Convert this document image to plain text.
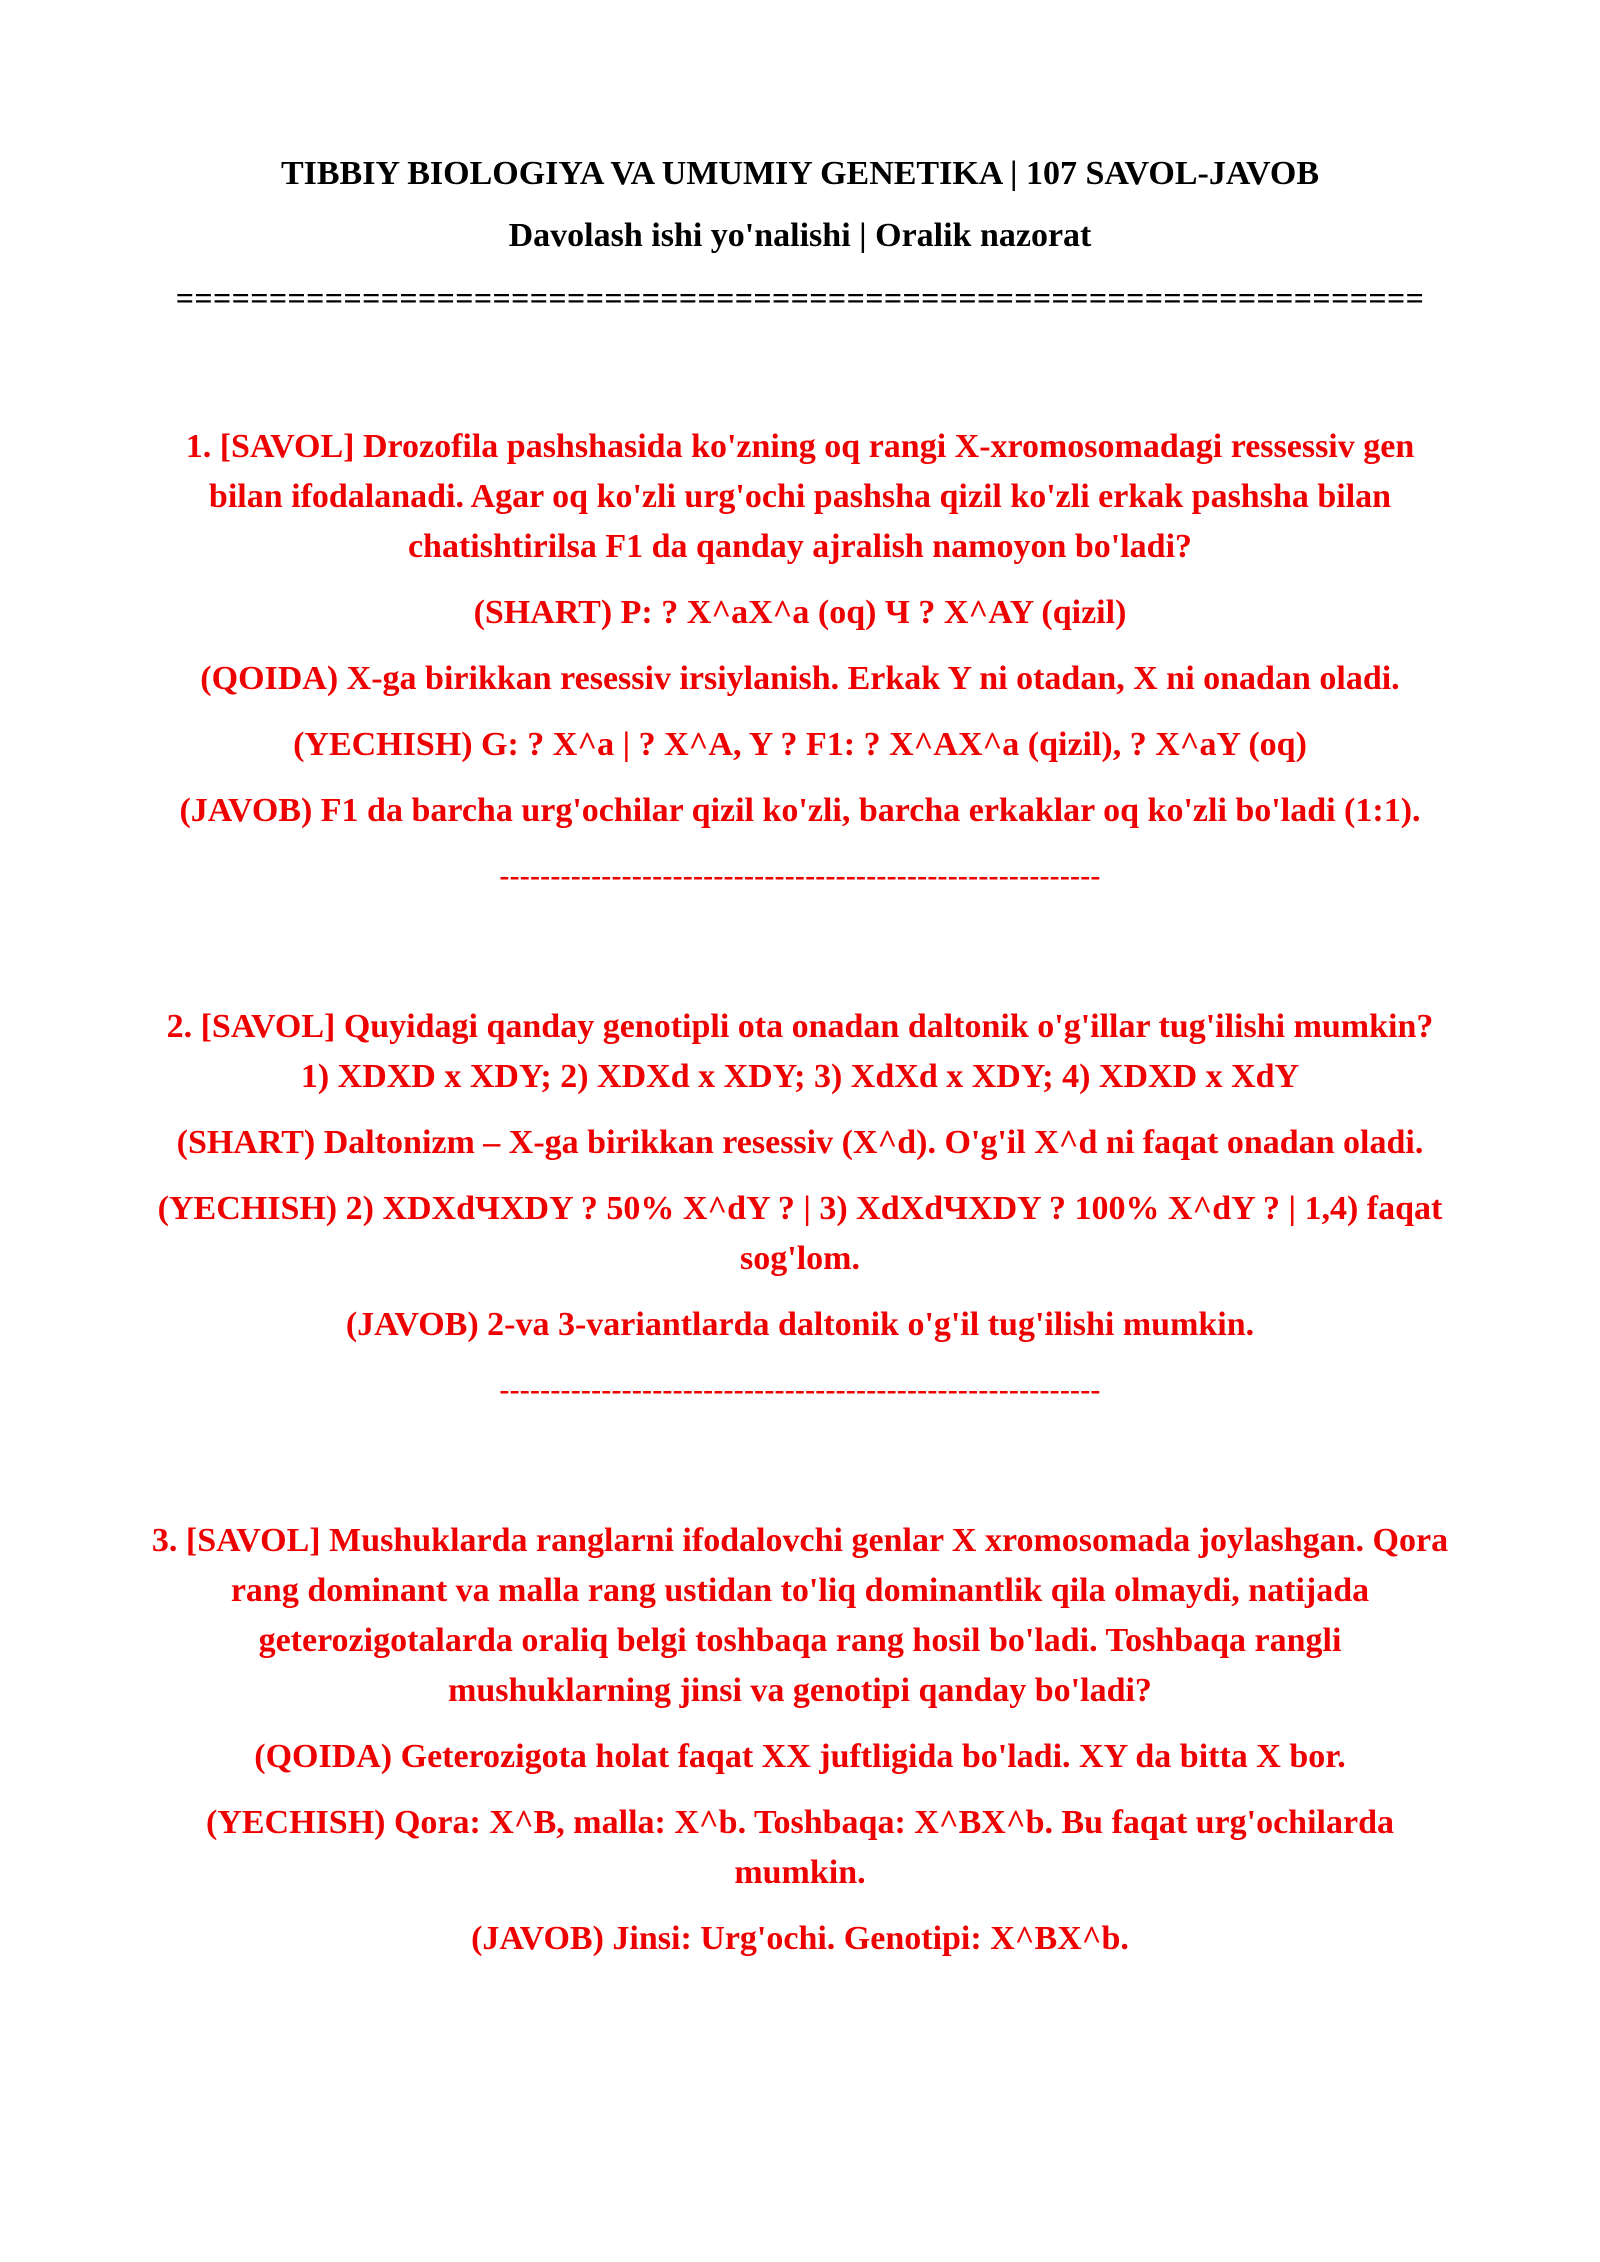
TIBBIY BIOLOGIYA VA UMUMIY GENETIKA | 107 SAVOL-JAVOB

Davolash ishi yo'nalishi | Oralik nazorat

===================================================================

1. [SAVOL] Drozofila pashshasida ko'zning oq rangi X-xromosomadagi ressessiv gen bilan ifodalanadi. Agar oq ko'zli urg'ochi pashsha qizil ko'zli erkak pashsha bilan chatishtirilsa F1 da qanday ajralish namoyon bo'ladi?

(SHART) P: ? X^aX^a (oq) Ч ? X^AY (qizil)

(QOIDA) X-ga birikkan resessiv irsiylanish. Erkak Y ni otadan, X ni onadan oladi.

(YECHISH) G: ? X^a | ? X^A, Y ? F1: ? X^AX^a (qizil), ? X^aY (oq)

(JAVOB) F1 da barcha urg'ochilar qizil ko'zli, barcha erkaklar oq ko'zli bo'ladi (1:1).

-----------------------------------------------------------

2. [SAVOL] Quyidagi qanday genotipli ota onadan daltonik o'g'illar tug'ilishi mumkin? 1) XDXD x XDY; 2) XDXd x XDY; 3) XdXd x XDY; 4) XDXD x XdY

(SHART) Daltonizm – X-ga birikkan resessiv (X^d). O'g'il X^d ni faqat onadan oladi.

(YECHISH) 2) XDXdЧXDY ? 50% X^dY ? | 3) XdXdЧXDY ? 100% X^dY ? | 1,4) faqat sog'lom.

(JAVOB) 2-va 3-variantlarda daltonik o'g'il tug'ilishi mumkin.

-----------------------------------------------------------

3. [SAVOL] Mushuklarda ranglarni ifodalovchi genlar X xromosomada joylashgan. Qora rang dominant va malla rang ustidan to'liq dominantlik qila olmaydi, natijada geterozigotalarda oraliq belgi toshbaqa rang hosil bo'ladi. Toshbaqa rangli mushuklarning jinsi va genotipi qanday bo'ladi?

(QOIDA) Geterozigota holat faqat XX juftligida bo'ladi. XY da bitta X bor.

(YECHISH) Qora: X^B, malla: X^b. Toshbaqa: X^BX^b. Bu faqat urg'ochilarda mumkin.

(JAVOB) Jinsi: Urg'ochi. Genotipi: X^BX^b.
